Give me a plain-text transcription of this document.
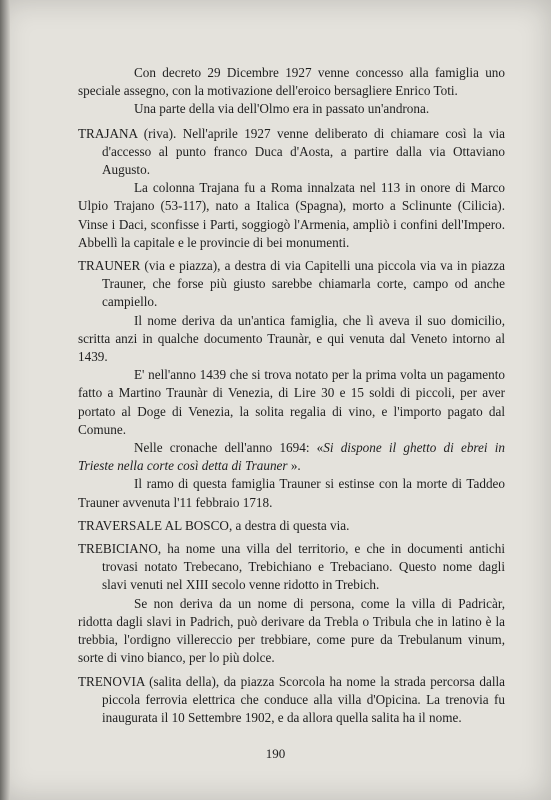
Con decreto 29 Dicembre 1927 venne concesso alla famiglia uno speciale assegno, con la motivazione dell'eroico bersagliere Enrico Toti.

Una parte della via dell'Olmo era in passato un'androna.

TRAJANA (riva). Nell'aprile 1927 venne deliberato di chiamare così la via d'accesso al punto franco Duca d'Aosta, a partire dalla via Ottaviano Augusto.

La colonna Trajana fu a Roma innalzata nel 113 in onore di Marco Ulpio Trajano (53-117), nato a Italica (Spagna), morto a Sclinunte (Cilicia). Vinse i Daci, sconfisse i Parti, soggiogò l'Armenia, ampliò i confini dell'Impero. Abbellì la capitale e le provincie di bei monumenti.

TRAUNER (via e piazza), a destra di via Capitelli una piccola via va in piazza Trauner, che forse più giusto sarebbe chiamarla corte, campo od anche campiello.

Il nome deriva da un'antica famiglia, che lì aveva il suo domicilio, scritta anzi in qualche documento Traunàr, e qui venuta dal Veneto intorno al 1439.

E' nell'anno 1439 che si trova notato per la prima volta un pagamento fatto a Martino Traunàr di Venezia, di Lire 30 e 15 soldi di piccoli, per aver portato al Doge di Venezia, la solita regalia di vino, e l'importo pagato dal Comune.

Nelle cronache dell'anno 1694: «Si dispone il ghetto di ebrei in Trieste nella corte così detta di Trauner ».

Il ramo di questa famiglia Trauner si estinse con la morte di Taddeo Trauner avvenuta l'11 febbraio 1718.

TRAVERSALE AL BOSCO, a destra di questa via.

TREBICIANO, ha nome una villa del territorio, e che in documenti antichi trovasi notato Trebecano, Trebichiano e Trebaciano. Questo nome dagli slavi venuti nel XIII secolo venne ridotto in Trebich.

Se non deriva da un nome di persona, come la villa di Padricàr, ridotta dagli slavi in Padrich, può derivare da Trebla o Tribula che in latino è la trebbia, l'ordigno villereccio per trebbiare, come pure da Trebulanum vinum, sorte di vino bianco, per lo più dolce.

TRENOVIA (salita della), da piazza Scorcola ha nome la strada percorsa dalla piccola ferrovia elettrica che conduce alla villa d'Opicina. La trenovia fu inaugurata il 10 Settembre 1902, e da allora quella salita ha il nome.

190
